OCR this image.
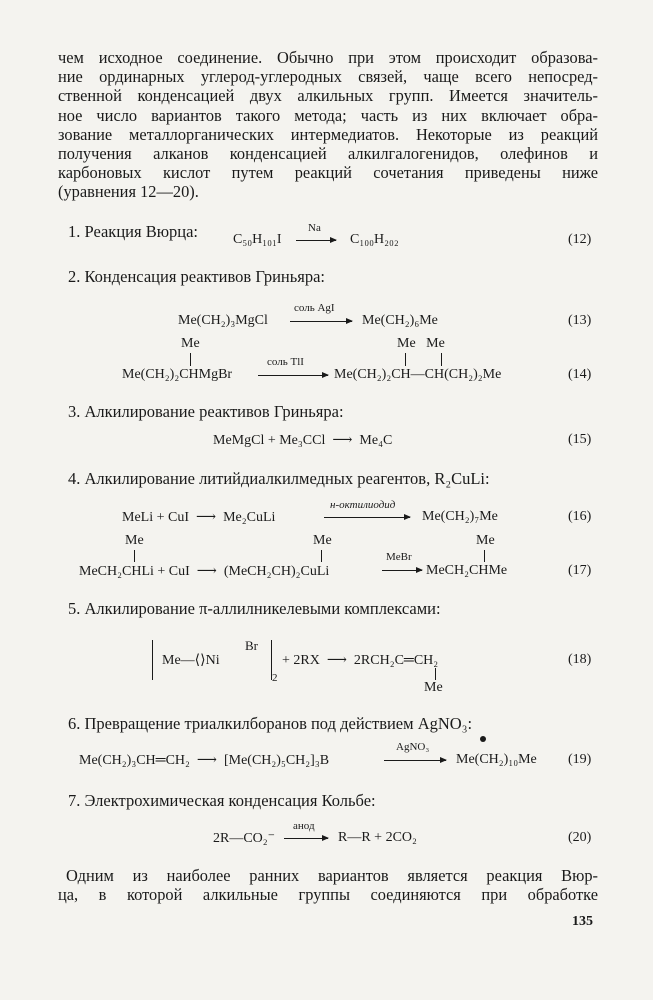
чем исходное соединение. Обычно при этом происходит образова-
ние ординарных углерод-углеродных связей, чаще всего непосред-
ственной конденсацией двух алкильных групп. Имеется значитель-
ное число вариантов такого метода; часть из них включает обра-
зование металлорганических интермедиатов. Некоторые из реакций
получения алканов конденсацией алкилгалогенидов, олефинов и
карбоновых кислот путем реакций сочетания приведены ниже
(уравнения 12—20).
1. Реакция Вюрца: C₅₀H₁₀₁I
Na
C₁₀₀H₂₀₂	(12)
2. Конденсация реактивов Гриньяра:
Me(CH₂)₃MgCl
соль AgI
Me(CH₂)₆Me	(13)
Me
Me(CH₂)₂CHMgBr
соль TlI
Me   Me
Me(CH₂)₂CH—CH(CH₂)₂Me	(14)
3. Алкилирование реактивов Гриньяра:
MeMgCl + Me₃CCl  ⟶  Me₄C	(15)
4. Алкилирование литийдиалкилмедных реагентов, R₂CuLi:
MeLi + CuI  ⟶  Me₂CuLi
н-октилиодид
Me(CH₂)₇Me	(16)
Me	Me	Me
MeCH₂CHLi + CuI  ⟶  (MeCH₂CH)₂CuLi
MeBr
MeCH₂CHMe	(17)
5. Алкилирование π-аллилникелевыми комплексами:
Me—⟨⟩Ni
Br
2
+ 2RX  ⟶  2RCH₂C═CH₂
Me
(18)
6. Превращение триалкилборанов под действием AgNO₃:
Me(CH₂)₃CH═CH₂  ⟶  [Me(CH₂)₅CH₂]₃B
AgNO₃
Me(CH₂)₁₀Me (19)
7. Электрохимическая конденсация Кольбе:
2R—CO₂⁻
анод
R—R + 2CO₂	(20)
Одним из наиболее ранних вариантов является реакция Вюр-
ца, в которой алкильные группы соединяются при обработке
135
